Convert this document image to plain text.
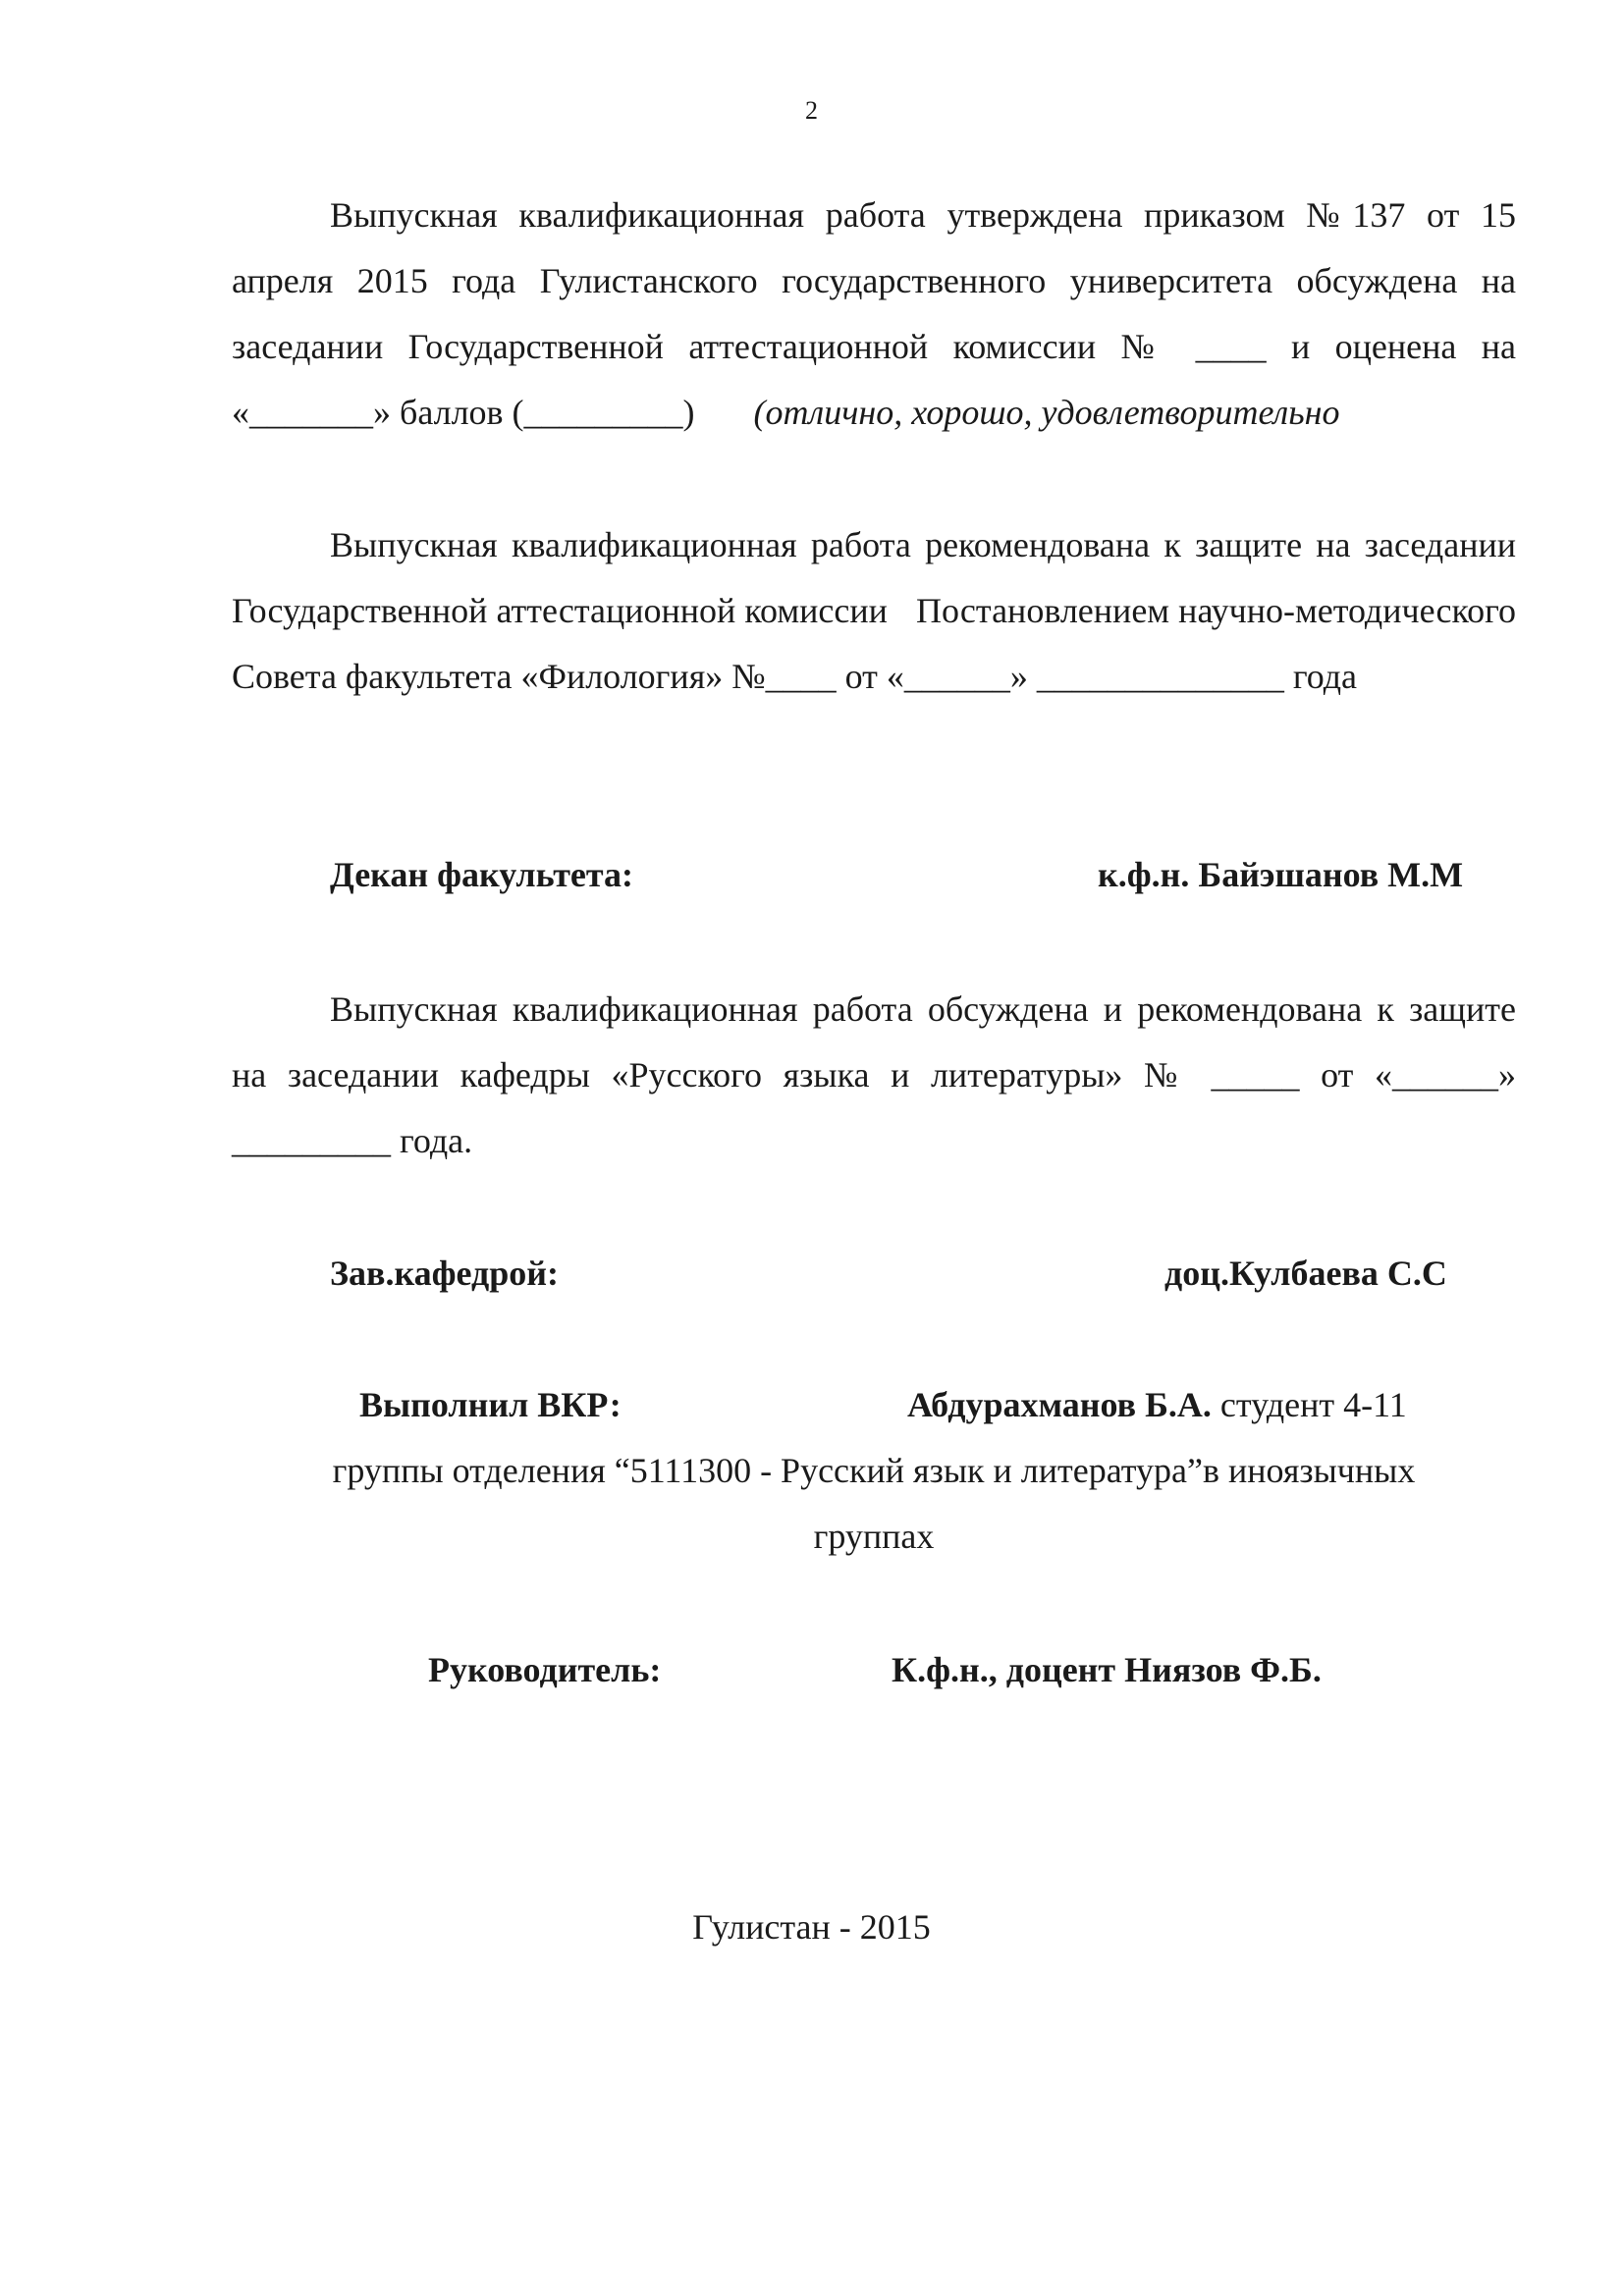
2
Выпускная квалификационная работа утверждена приказом №137 от 15 апреля 2015 года Гулистанского государственного университета обсуждена на заседании Государственной аттестационной комиссии № ____ и оценена на «_______» баллов (_________) (отлично, хорошо, удовлетворительно
Выпускная квалификационная работа рекомендована к защите на заседании Государственной аттестационной комиссии Постановлением научно-методического Совета факультета «Филология» №____ от «______» ______________ года
Декан факультета:	к.ф.н. Байэшанов М.М
Выпускная квалификационная работа обсуждена и рекомендована к защите на заседании кафедры «Русского языка и литературы» № _____ от «______» _________ года.
Зав.кафедрой:	доц.Кулбаева С.С
Выполнил ВКР:	Абдурахманов Б.А. студент 4-11
группы отделения “5111300 - Русский язык и литература”в иноязычных
группах
Руководитель:	К.ф.н., доцент Ниязов Ф.Б.
Гулистан - 2015
